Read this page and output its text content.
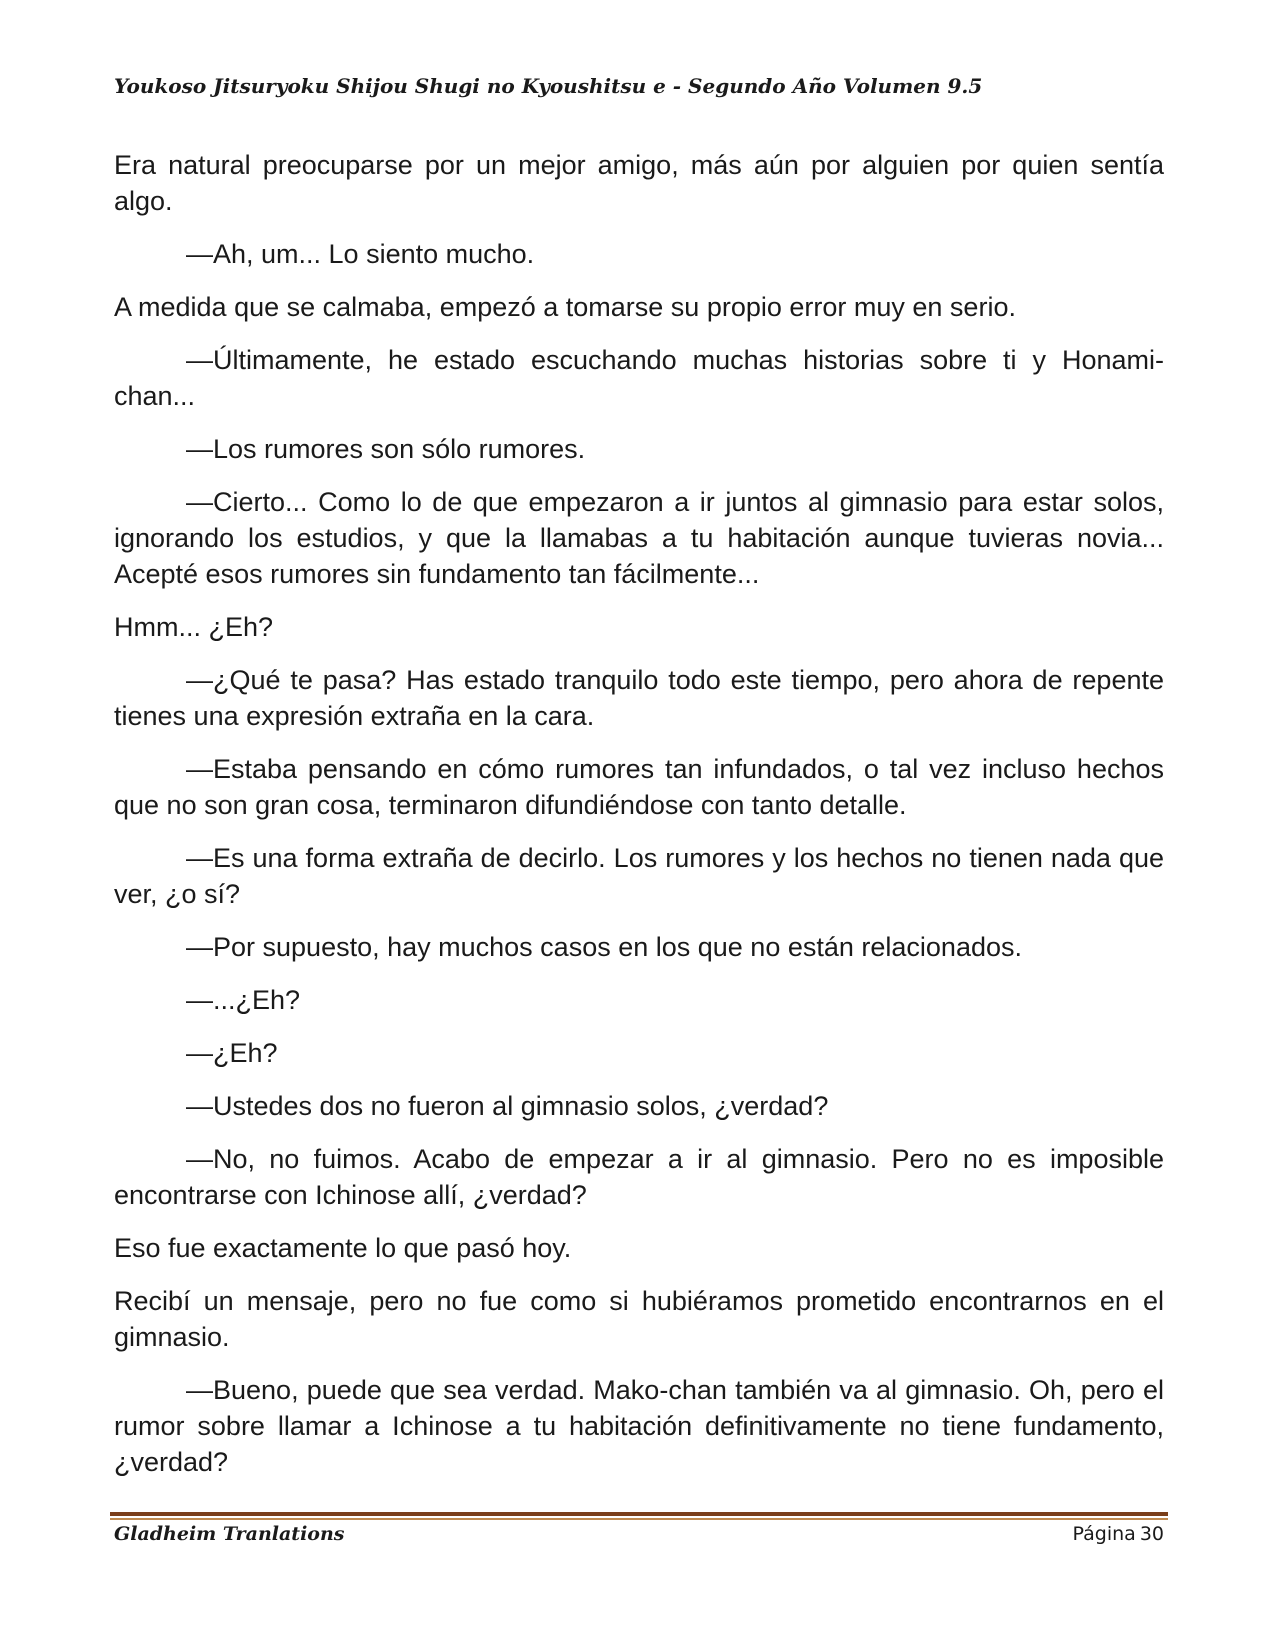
Youkoso Jitsuryoku Shijou Shugi no Kyoushitsu e - Segundo Año Volumen 9.5

Era natural preocuparse por un mejor amigo, más aún por alguien por quien sentía algo.

—Ah, um... Lo siento mucho.

A medida que se calmaba, empezó a tomarse su propio error muy en serio.

—Últimamente, he estado escuchando muchas historias sobre ti y Honami-chan...

—Los rumores son sólo rumores.

—Cierto... Como lo de que empezaron a ir juntos al gimnasio para estar solos, ignorando los estudios, y que la llamabas a tu habitación aunque tuvieras novia... Acepté esos rumores sin fundamento tan fácilmente...

Hmm... ¿Eh?

—¿Qué te pasa? Has estado tranquilo todo este tiempo, pero ahora de repente tienes una expresión extraña en la cara.

—Estaba pensando en cómo rumores tan infundados, o tal vez incluso hechos que no son gran cosa, terminaron difundiéndose con tanto detalle.

—Es una forma extraña de decirlo. Los rumores y los hechos no tienen nada que ver, ¿o sí?

—Por supuesto, hay muchos casos en los que no están relacionados.

—...¿Eh?

—¿Eh?

—Ustedes dos no fueron al gimnasio solos, ¿verdad?

—No, no fuimos. Acabo de empezar a ir al gimnasio. Pero no es imposible encontrarse con Ichinose allí, ¿verdad?

Eso fue exactamente lo que pasó hoy.

Recibí un mensaje, pero no fue como si hubiéramos prometido encontrarnos en el gimnasio.

—Bueno, puede que sea verdad. Mako-chan también va al gimnasio. Oh, pero el rumor sobre llamar a Ichinose a tu habitación definitivamente no tiene fundamento, ¿verdad?

Gladheim Tranlations	Página 30
